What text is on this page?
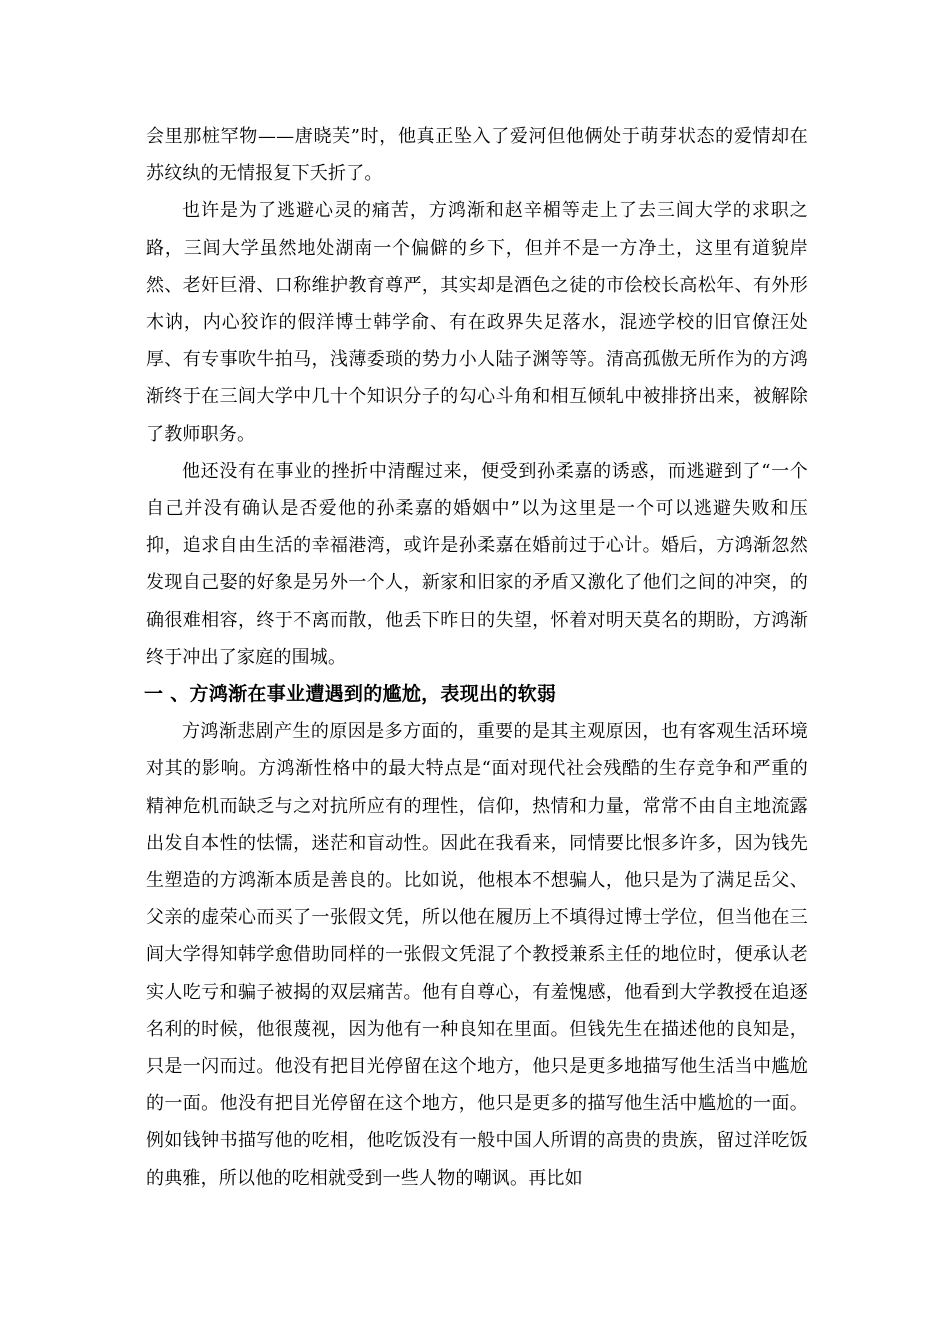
会里那桩罕物——唐晓芙”时，他真正坠入了爱河但他俩处于萌芽状态的爱情却在苏纹纨的无情报复下夭折了。

也许是为了逃避心灵的痛苦，方鸿渐和赵辛楣等走上了去三闾大学的求职之路，三闾大学虽然地处湖南一个偏僻的乡下，但并不是一方净土，这里有道貌岸然、老奸巨滑、口称维护教育尊严，其实却是酒色之徒的市侩校长高松年、有外形木讷，内心狡诈的假洋博士韩学俞、有在政界失足落水，混迹学校的旧官僚汪处厚、有专事吹牛拍马，浅薄委琐的势力小人陆子渊等等。清高孤傲无所作为的方鸿渐终于在三闾大学中几十个知识分子的勾心斗角和相互倾轧中被排挤出来，被解除了教师职务。

他还没有在事业的挫折中清醒过来，便受到孙柔嘉的诱惑，而逃避到了“一个自己并没有确认是否爱他的孙柔嘉的婚姻中”以为这里是一个可以逃避失败和压抑，追求自由生活的幸福港湾，或许是孙柔嘉在婚前过于心计。婚后，方鸿渐忽然发现自己娶的好象是另外一个人，新家和旧家的矛盾又激化了他们之间的冲突，的确很难相容，终于不离而散，他丢下昨日的失望，怀着对明天莫名的期盼，方鸿渐终于冲出了家庭的围城。

一 、方鸿渐在事业遭遇到的尴尬，表现出的软弱

方鸿渐悲剧产生的原因是多方面的，重要的是其主观原因，也有客观生活环境对其的影响。方鸿渐性格中的最大特点是“面对现代社会残酷的生存竞争和严重的精神危机而缺乏与之对抗所应有的理性，信仰，热情和力量，常常不由自主地流露出发自本性的怯懦，迷茫和盲动性。因此在我看来，同情要比恨多许多，因为钱先生塑造的方鸿渐本质是善良的。比如说，他根本不想骗人，他只是为了满足岳父、父亲的虚荣心而买了一张假文凭，所以他在履历上不填得过博士学位，但当他在三闾大学得知韩学愈借助同样的一张假文凭混了个教授兼系主任的地位时，便承认老实人吃亏和骗子被揭的双层痛苦。他有自尊心，有羞愧感，他看到大学教授在追逐名利的时候，他很蔑视，因为他有一种良知在里面。但钱先生在描述他的良知是，只是一闪而过。他没有把目光停留在这个地方，他只是更多地描写他生活当中尴尬的一面。他没有把目光停留在这个地方，他只是更多的描写他生活中尴尬的一面。例如钱钟书描写他的吃相，他吃饭没有一般中国人所谓的高贵的贵族，留过洋吃饭的典雅，所以他的吃相就受到一些人物的嘲讽。再比如
